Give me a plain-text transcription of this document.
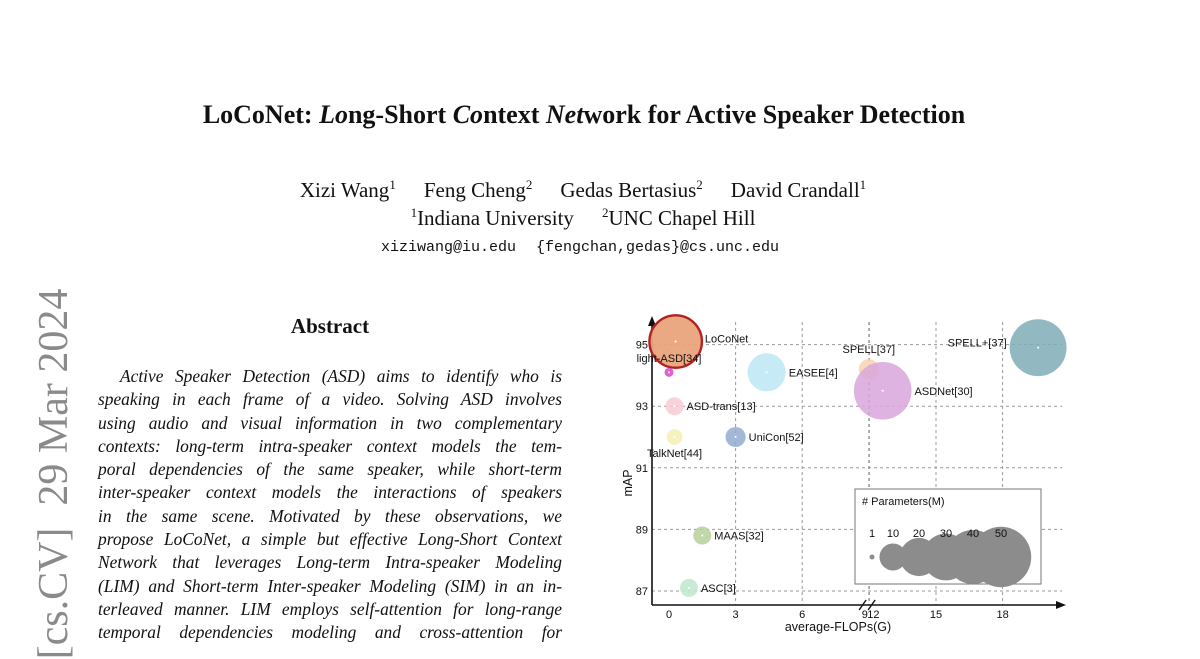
[cs.CV]29 Mar 2024
LoCoNet: Long-Short Context Network for Active Speaker Detection
Xizi Wang$^1$ Feng Cheng$^2$ Gedas Bertasius$^2$ David Crandall$^1$
$^1$Indiana University $^2$UNC Chapel Hill
xiziwang@iu.edu {fengchan,gedas}@cs.unc.edu
Abstract
Active Speaker Detection (ASD) aims to identify who is
speaking in each frame of a video. Solving ASD involves
using audio and visual information in two complementary
contexts: long-term intra-speaker context models the tem-
poral dependencies of the same speaker, while short-term
inter-speaker context models the interactions of speakers
in the same scene. Motivated by these observations, we
propose LoCoNet, a simple but effective Long-Short Context
Network that leverages Long-term Intra-speaker Modeling
(LIM) and Short-term Inter-speaker Modeling (SIM) in an in-
terleaved manner. LIM employs self-attention for long-range
temporal dependencies modeling and cross-attention for
0	3	6	9 12	15	18
87
89
91
93
95
average-FLOPs(G)
mAP
LoCoNet
light-ASD[34]
EASEE[4]
SPELL[37]
SPELL+[37]
ASDNet[30]
ASD-trans[13]
UniCon[52]
TalkNet[44]
MAAS[32]
ASC[3]
# Parameters(M)
1 10 20 30 40 50
